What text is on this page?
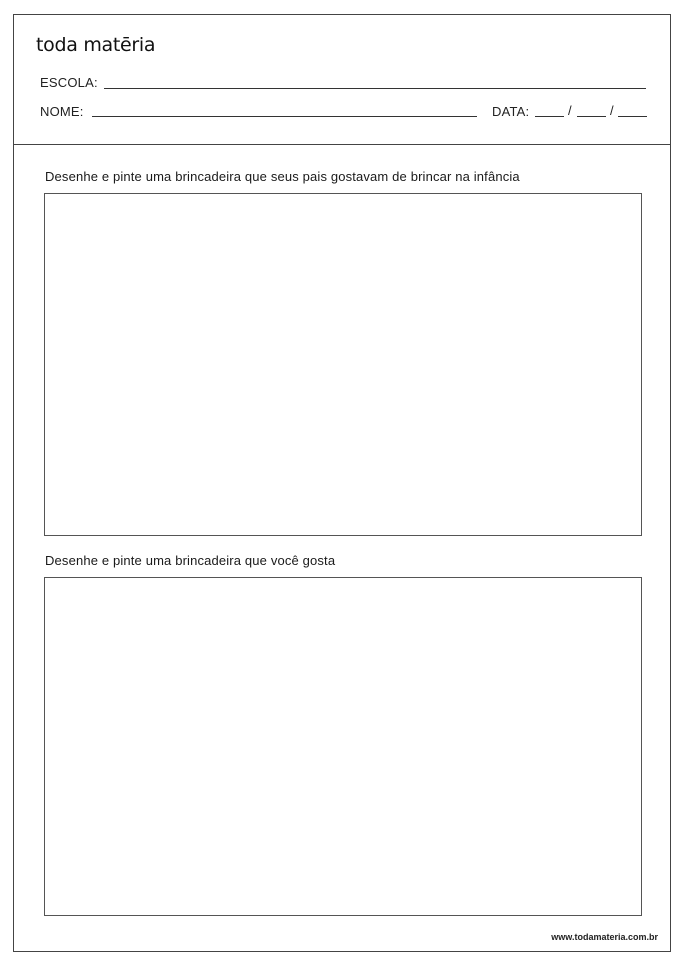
toda matēria
ESCOLA:
NOME:	DATA:	/	/
Desenhe e pinte uma brincadeira que seus pais gostavam de brincar na infância
Desenhe e pinte uma brincadeira que você gosta
www.todamateria.com.br
